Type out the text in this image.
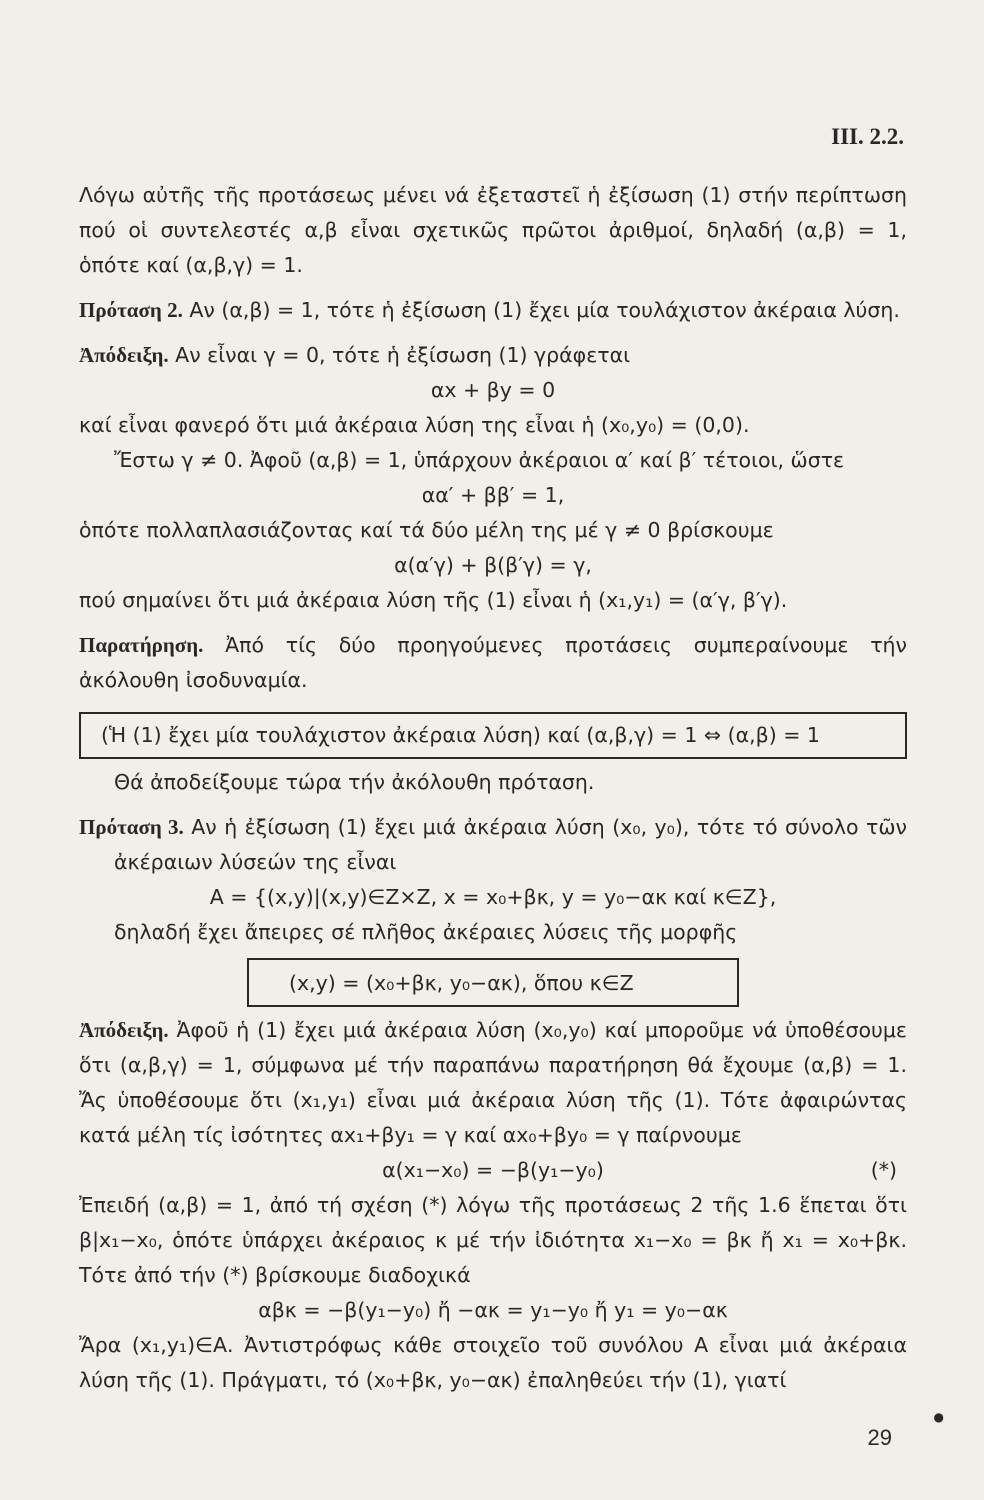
III. 2.2.

Λόγω αὐτῆς τῆς προτάσεως μένει νά ἐξεταστεῖ ἡ ἐξίσωση (1) στήν περίπτωση πού οἱ συντελεστές α,β εἶναι σχετικῶς πρῶτοι ἀριθμοί, δηλαδή (α,β) = 1, ὁπότε καί (α,β,γ) = 1.

Πρόταση 2. Αν (α,β) = 1, τότε ἡ ἐξίσωση (1) ἔχει μία τουλάχιστον ἀκέραια λύση.

Ἀπόδειξη. Αν εἶναι γ = 0, τότε ἡ ἐξίσωση (1) γράφεται

αx + βy = 0

καί εἶναι φανερό ὅτι μιά ἀκέραια λύση της εἶναι ἡ (x₀,y₀) = (0,0).

Ἔστω γ ≠ 0. Ἀφοῦ (α,β) = 1, ὑπάρχουν ἀκέραιοι α′ καί β′ τέτοιοι, ὥστε

αα′ + ββ′ = 1,

ὁπότε πολλαπλασιάζοντας καί τά δύο μέλη της μέ γ ≠ 0 βρίσκουμε

α(α′γ) + β(β′γ) = γ,

πού σημαίνει ὅτι μιά ἀκέραια λύση τῆς (1) εἶναι ἡ (x₁,y₁) = (α′γ, β′γ).

Παρατήρηση. Ἀπό τίς δύο προηγούμενες προτάσεις συμπεραίνουμε τήν ἀκόλουθη ἰσοδυναμία.

(Ἡ (1) ἔχει μία τουλάχιστον ἀκέραια λύση) καί (α,β,γ) = 1 ⇔ (α,β) = 1

Θά ἀποδείξουμε τώρα τήν ἀκόλουθη πρόταση.

Πρόταση 3. Αν ἡ ἐξίσωση (1) ἔχει μιά ἀκέραια λύση (x₀, y₀), τότε τό σύνολο τῶν ἀκέραιων λύσεών της εἶναι

Α = {(x,y)|(x,y)∈Z×Z, x = x₀+βκ, y = y₀−ακ καί κ∈Z},

δηλαδή ἔχει ἄπειρες σέ πλῆθος ἀκέραιες λύσεις τῆς μορφῆς

(x,y) = (x₀+βκ, y₀−ακ), ὅπου κ∈Z

Ἀπόδειξη. Ἀφοῦ ἡ (1) ἔχει μιά ἀκέραια λύση (x₀,y₀) καί μποροῦμε νά ὑποθέσουμε ὅτι (α,β,γ) = 1, σύμφωνα μέ τήν παραπάνω παρατήρηση θά ἔχουμε (α,β) = 1. Ἄς ὑποθέσουμε ὅτι (x₁,y₁) εἶναι μιά ἀκέραια λύση τῆς (1). Τότε ἀφαιρώντας κατά μέλη τίς ἰσότητες αx₁+βy₁ = γ καί αx₀+βy₀ = γ παίρνουμε

α(x₁−x₀) = −β(y₁−y₀)	(*)

Ἐπειδή (α,β) = 1, ἀπό τή σχέση (*) λόγω τῆς προτάσεως 2 τῆς 1.6 ἕπεται ὅτι β|x₁−x₀, ὁπότε ὑπάρχει ἀκέραιος κ μέ τήν ἰδιότητα x₁−x₀ = βκ ἤ x₁ = x₀+βκ. Τότε ἀπό τήν (*) βρίσκουμε διαδοχικά

αβκ = −β(y₁−y₀) ἤ −ακ = y₁−y₀ ἤ y₁ = y₀−ακ

Ἄρα (x₁,y₁)∈Α. Ἀντιστρόφως κάθε στοιχεῖο τοῦ συνόλου Α εἶναι μιά ἀκέραια λύση τῆς (1). Πράγματι, τό (x₀+βκ, y₀−ακ) ἐπαληθεύει τήν (1), γιατί

29
●
